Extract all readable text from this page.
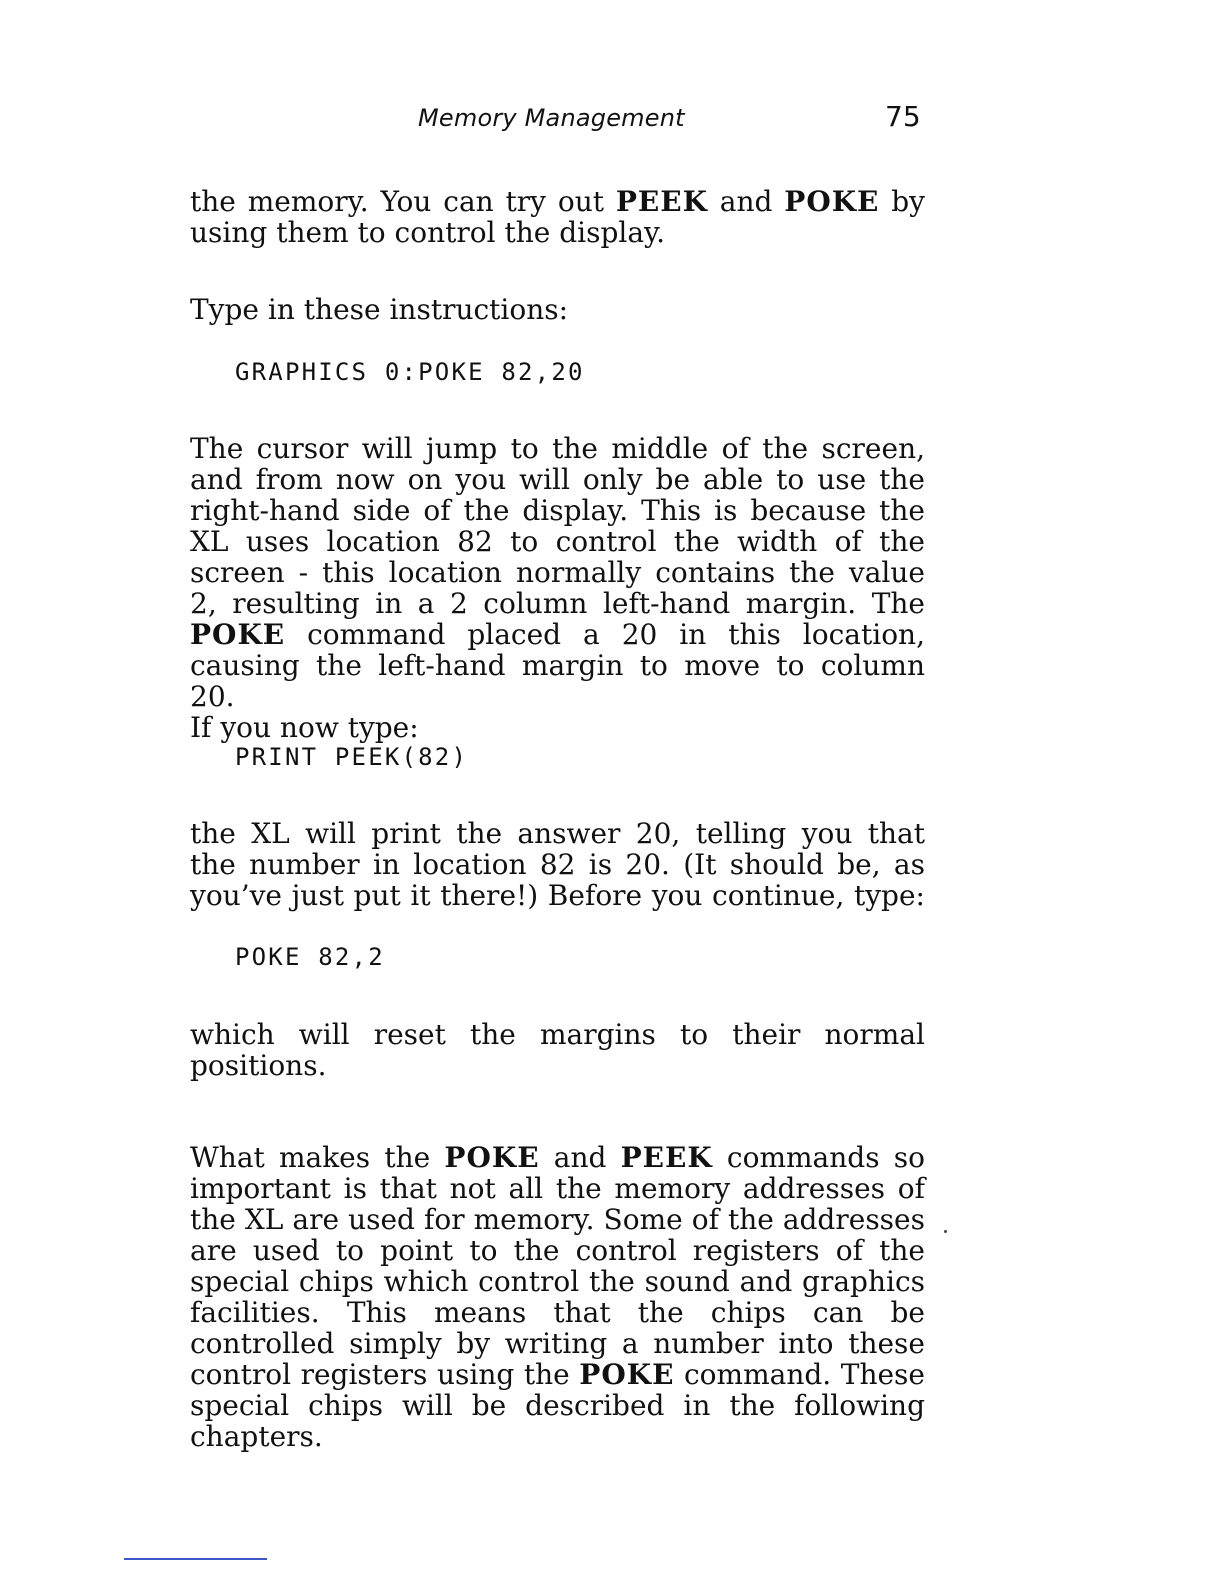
Memory Management	75
the memory. You can try out PEEK and POKE by
using them to control the display.
Type in these instructions:
GRAPHICS 0:POKE 82,20
The cursor will jump to the middle of the screen,
and from now on you will only be able to use the
right-hand side of the display. This is because the
XL uses location 82 to control the width of the
screen - this location normally contains the value
2, resulting in a 2 column left-hand margin. The
POKE command placed a 20 in this location,
causing the left-hand margin to move to column 20.
If you now type:
PRINT PEEK(82)
the XL will print the answer 20, telling you that
the number in location 82 is 20. (It should be, as
you’ve just put it there!) Before you continue, type:
POKE 82,2
which will reset the margins to their normal
positions.
What makes the POKE and PEEK commands so
important is that not all the memory addresses of
the XL are used for memory. Some of the addresses
are used to point to the control registers of the
special chips which control the sound and graphics
facilities. This means that the chips can be
controlled simply by writing a number into these
control registers using the POKE command. These
special chips will be described in the following
chapters.
